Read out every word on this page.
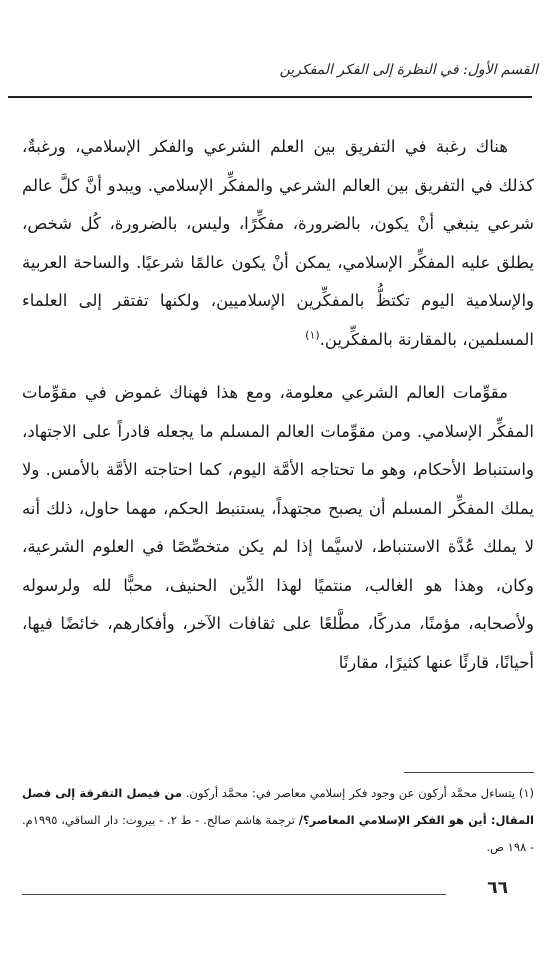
القسم الأول: في النظرة إلى الفكر المفكرين

هناك رغبة في التفريق بين العلم الشرعي والفكر الإسلامي، ورغبةٌ، كذلك في التفريق بين العالم الشرعي والمفكِّر الإسلامي. ويبدو أنَّ كلَّ عالم شرعي ينبغي أنْ يكون، بالضرورة، مفكِّرًا، وليس، بالضرورة، كُل شخص، يطلق عليه المفكِّر الإسلامي، يمكن أنْ يكون عالمًا شرعيًا. والساحة العربية والإسلامية اليوم تكتظُّ بالمفكِّرين الإسلاميين، ولكنها تفتقر إلى العلماء المسلمين، بالمقارنة بالمفكِّرين.$^{(١)}$

مقوِّمات العالم الشرعي معلومة، ومع هذا فهناك غموض في مقوِّمات المفكِّر الإسلامي. ومن مقوِّمات العالم المسلم ما يجعله قادراً على الاجتهاد، واستنباط الأحكام، وهو ما تحتاجه الأمَّة اليوم، كما احتاجته الأمَّة بالأمس. ولا يملك المفكِّر المسلم أن يصبح مجتهداً، يستنبط الحكم، مهما حاول، ذلك أنه لا يملك عُدَّة الاستنباط، لاسيَّما إذا لم يكن متخصِّصًا في العلوم الشرعية، وكان، وهذا هو الغالب، منتميًا لهذا الدِّين الحنيف، محبًّا لله ولرسوله ولأصحابه، مؤمنًا، مدركًا، مطَّلعًا على ثقافات الآخر، وأفكارهم، خائضًا فيها، أحيانًا، قارئًا عنها كثيرًا، مقارنًا

(١) يتساءل محمَّد أركون عن وجود فكر إسلامي معاصر في: محمَّد أركون. من فيصل التفرقة إلى فصل المقال: أين هو الفكر الإسلامي المعاصر؟/ ترجمة هاشم صالح. - ط ٢. - بيروت: دار الساقي، ١٩٩٥م. - ١٩٨ ص.

٦٦
